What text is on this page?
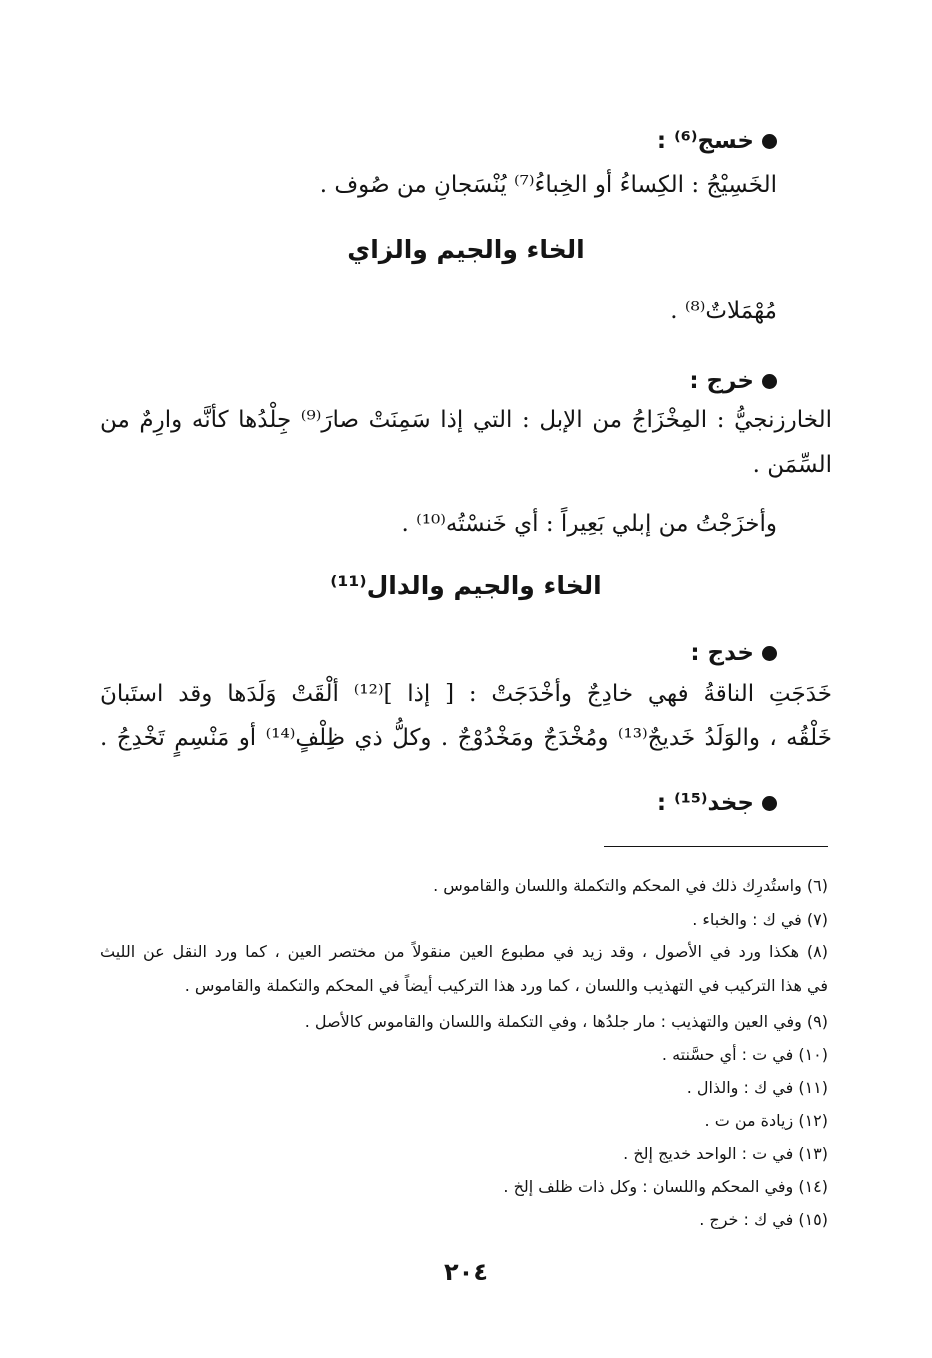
خسج⁽⁶⁾ :
الخَسِيْجُ : الكِساءُ أو الخِباءُ⁽⁷⁾ يُنْسَجانِ من صُوف .
الخاء والجيم والزاي
مُهْمَلاتٌ⁽⁸⁾ .
خرج :
الخارزنجيُّ : المِخْزَاجُ من الإبل : التي إذا سَمِنَتْ صارَ⁽⁹⁾ جِلْدُها كأنَّه وارِمٌ من
السِّمَن .
وأخزَجْتُ من إبلي بَعِيراً : أي خَنسْتُه⁽¹⁰⁾ .
الخاء والجيم والدال⁽¹¹⁾
خدج :
خَدَجَتِ الناقةُ فهي خادِجٌ وأخْدَجَتْ : [ إذا ]⁽¹²⁾ ألْقَتْ وَلَدَها وقد استَبانَ
خَلْقُه ، والوَلَدُ خَديجٌ⁽¹³⁾ ومُخْدَجٌ ومَخْدُوْجٌ . وكلُّ ذي ظِلْفٍ⁽¹⁴⁾ أو مَنْسِمٍ تَخْدِجُ .
جخد⁽¹⁵⁾ :
(٦) واستُدرِك ذلك في المحكم والتكملة واللسان والقاموس .
(٧) في ك : والخباء .
(٨) هكذا ورد في الأصول ، وقد زيد في مطبوع العين منقولاً من مختصر العين ، كما ورد النقل عن الليث
في هذا التركيب في التهذيب واللسان ، كما ورد هذا التركيب أيضاً في المحكم والتكملة والقاموس .
(٩) وفي العين والتهذيب : مار جلدُها ، وفي التكملة واللسان والقاموس كالأصل .
(١٠) في ت : أي حسَّنته .
(١١) في ك : والذال .
(١٢) زيادة من ت .
(١٣) في ت : الواحد خديج إلخ .
(١٤) وفي المحكم واللسان : وكل ذات ظلف إلخ .
(١٥) في ك : خرج .
٢٠٤
